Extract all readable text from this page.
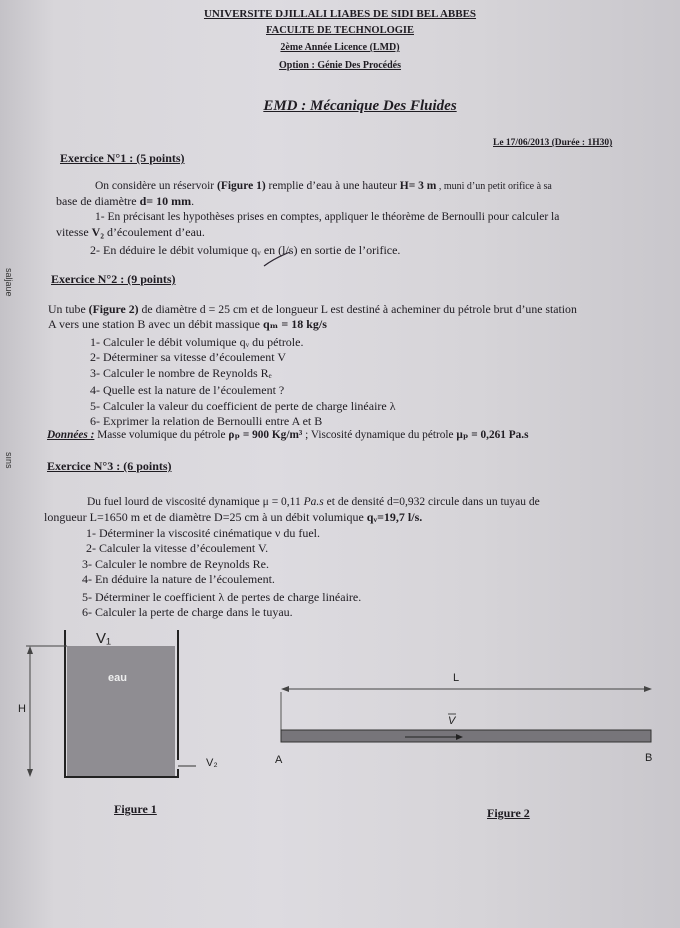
saljaue
sıns
UNIVERSITE DJILLALI LIABES DE SIDI BEL ABBES
FACULTE DE TECHNOLOGIE
2ème Année Licence (LMD)
Option : Génie Des Procédés
EMD : Mécanique Des Fluides
Le 17/06/2013 (Durée : 1H30)
Exercice N°1 : (5 points)
On considère un réservoir (Figure 1) remplie d’eau à une hauteur H= 3 m , muni d’un petit orifice à sa
base de diamètre d= 10 mm.
1- En précisant les hypothèses prises en comptes, appliquer le théorème de Bernoulli pour calculer la
vitesse V₂ d’écoulement d’eau.
2- En déduire le débit volumique qᵥ en (l/s) en sortie de l’orifice.
Exercice N°2 : (9 points)
Un tube (Figure 2) de diamètre d = 25 cm et de longueur L est destiné à acheminer du pétrole brut d’une station
A vers une station B avec un débit massique qₘ = 18 kg/s
1- Calculer le débit volumique qᵥ du pétrole.
2- Déterminer sa vitesse d’écoulement V
3- Calculer le nombre de Reynolds Rₑ
4- Quelle est la nature de l’écoulement ?
5- Calculer la valeur du coefficient de perte de charge linéaire λ
6- Exprimer la relation de Bernoulli entre A et B
Données : Masse volumique du pétrole ρₚ = 900 Kg/m³ ; Viscosité dynamique du pétrole μₚ = 0,261 Pa.s
Exercice N°3 : (6 points)
Du fuel lourd de viscosité dynamique μ = 0,11 Pa.s et de densité d=0,932 circule dans un tuyau de
longueur L=1650 m et de diamètre D=25 cm à un débit volumique qᵥ=19,7 l/s.
1- Déterminer la viscosité cinématique ν du fuel.
2- Calculer la vitesse d’écoulement V.
3- Calculer le nombre de Reynolds Re.
4- En déduire la nature de l’écoulement.
5- Déterminer le coefficient λ de pertes de charge linéaire.
6- Calculer la perte de charge dans le tuyau.
V₁
eau
H
V₂
L
V
A	B
Figure 1	Figure 2
